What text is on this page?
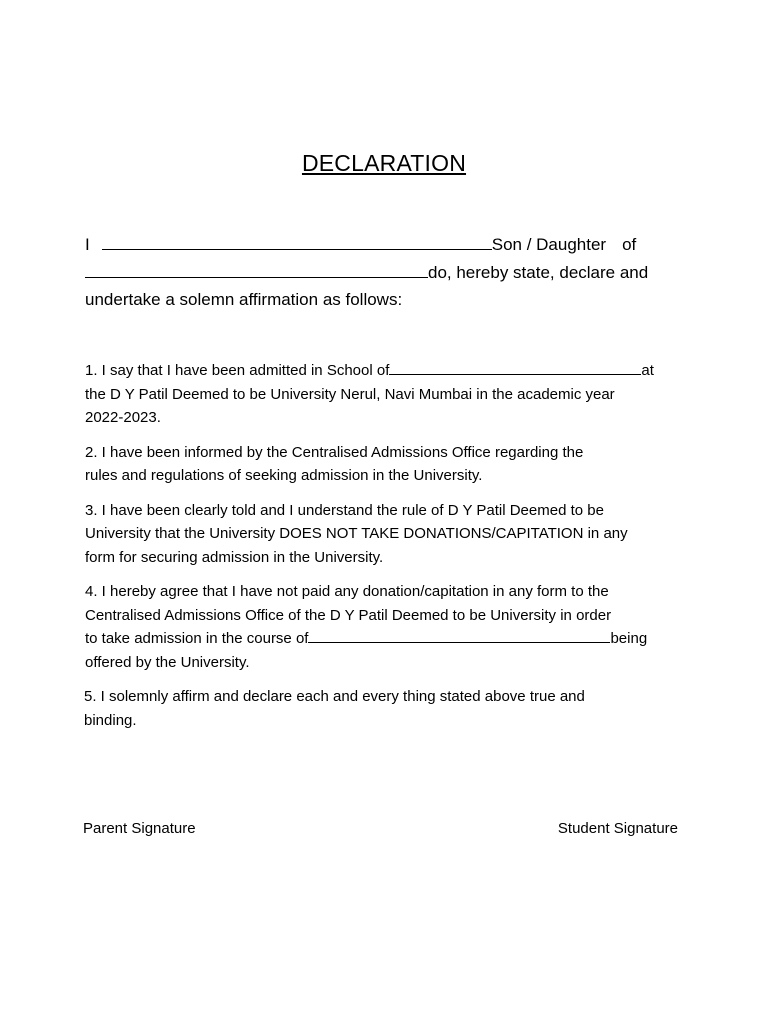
DECLARATION
I	Son / Daughter of
do, hereby state, declare and
undertake a solemn affirmation as follows:
1. I say that I have been admitted in School of	at
the D Y Patil Deemed to be University Nerul, Navi Mumbai in the academic year
2022-2023.
2. I have been informed by the Centralised Admissions Office regarding the
rules and regulations of seeking admission in the University.
3. I have been clearly told and I understand the rule of D Y Patil Deemed to be
University that the University DOES NOT TAKE DONATIONS/CAPITATION in any
form for securing admission in the University.
4. I hereby agree that I have not paid any donation/capitation in any form to the
Centralised Admissions Office of the D Y Patil Deemed to be University in order
to take admission in the course of	being
offered by the University.
5. I solemnly affirm and declare each and every thing stated above true and
binding.
Parent Signature	Student Signature
